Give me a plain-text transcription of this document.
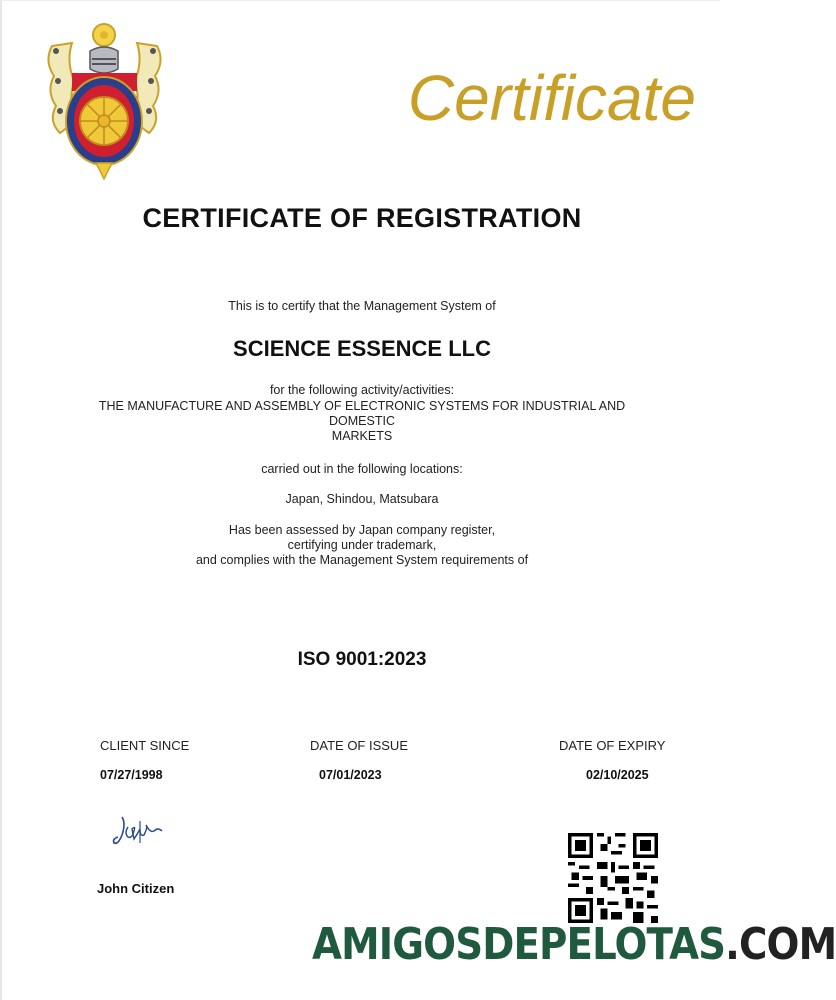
Certificate
CERTIFICATE OF REGISTRATION
This is to certify that the Management System of
SCIENCE ESSENCE LLC
for the following activity/activities:
THE MANUFACTURE AND ASSEMBLY OF ELECTRONIC SYSTEMS FOR INDUSTRIAL AND
DOMESTIC
MARKETS
carried out in the following locations:
Japan, Shindou, Matsubara
Has been assessed by Japan company register,
certifying under trademark,
and complies with the Management System requirements of
ISO 9001:2023
CLIENT SINCE
07/27/1998
DATE OF ISSUE
07/01/2023
DATE OF EXPIRY
02/10/2025
John Citizen
AMIGOSDEPELOTAS.COM
